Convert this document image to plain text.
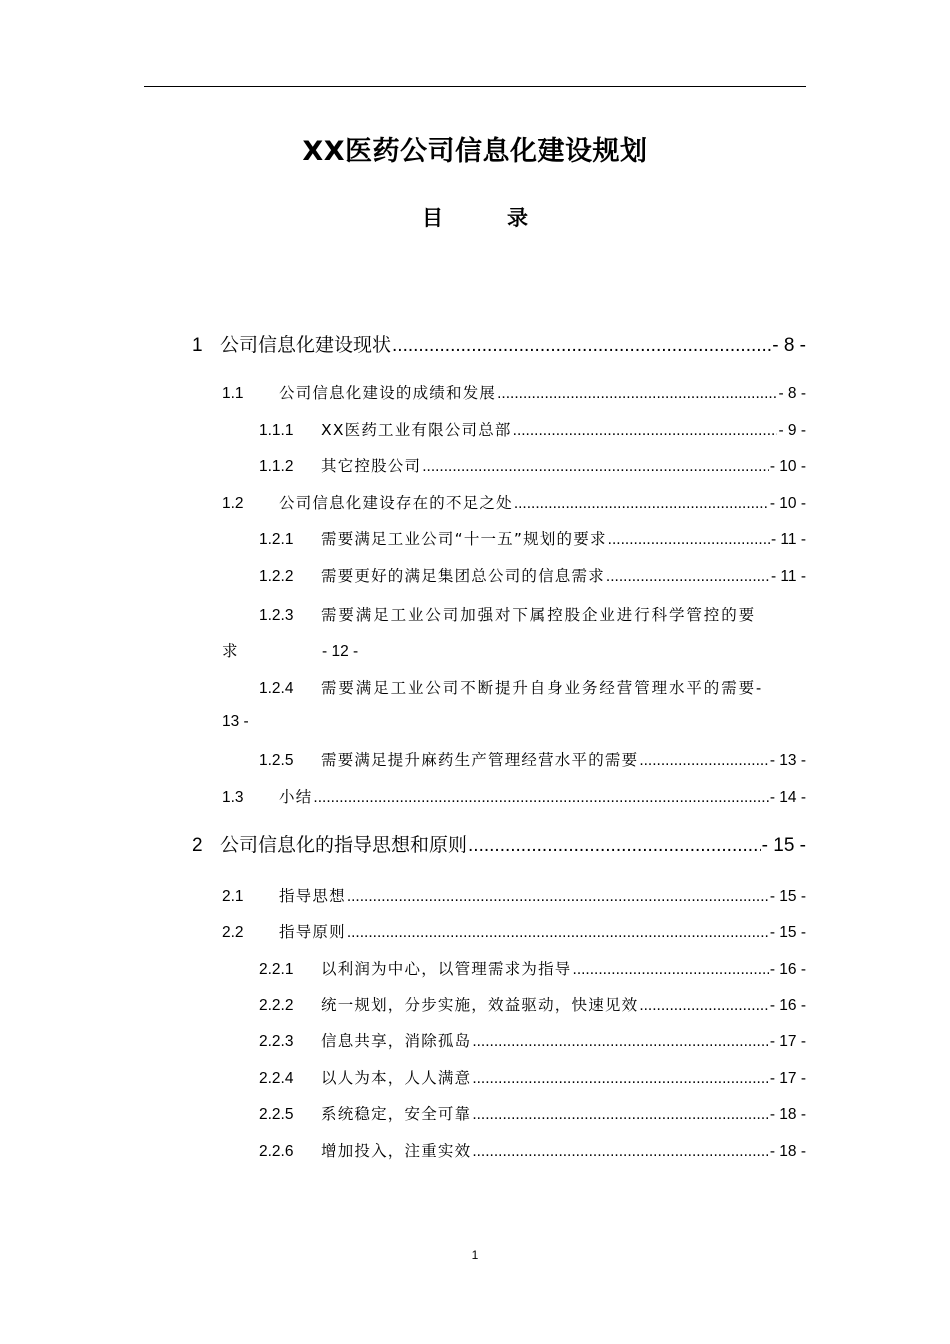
XX医药公司信息化建设规划
目	录
1 公司信息化建设现状 .....	- 8 -
1.1	公司信息化建设的成绩和发展 .....	- 8 -
1.1.1	XX医药工业有限公司总部 .....	- 9 -
1.1.2	其它控股公司 .....	- 10 -
1.2	公司信息化建设存在的不足之处 .....	- 10 -
1.2.1	需要满足工业公司“十一五”规划的要求 .....	- 11 -
1.2.2	需要更好的满足集团总公司的信息需求 .....	- 11 -
1.2.3	需要满足工业公司加强对下属控股企业进行科学管控的要
求	- 12 -
1.2.4	需要满足工业公司不断提升自身业务经营管理水平的需要 -
13 -
1.2.5	需要满足提升麻药生产管理经营水平的需要 .....	- 13 -
1.3	小结 .....	- 14 -
2 公司信息化的指导思想和原则 .....	- 15 -
2.1	指导思想 .....	- 15 -
2.2	指导原则 .....	- 15 -
2.2.1	以利润为中心，以管理需求为指导 .....	- 16 -
2.2.2	统一规划，分步实施，效益驱动，快速见效 .....	- 16 -
2.2.3	信息共享，消除孤岛 .....	- 17 -
2.2.4	以人为本，人人满意 .....	- 17 -
2.2.5	系统稳定，安全可靠 .....	- 18 -
2.2.6	增加投入，注重实效 .....	- 18 -
1
